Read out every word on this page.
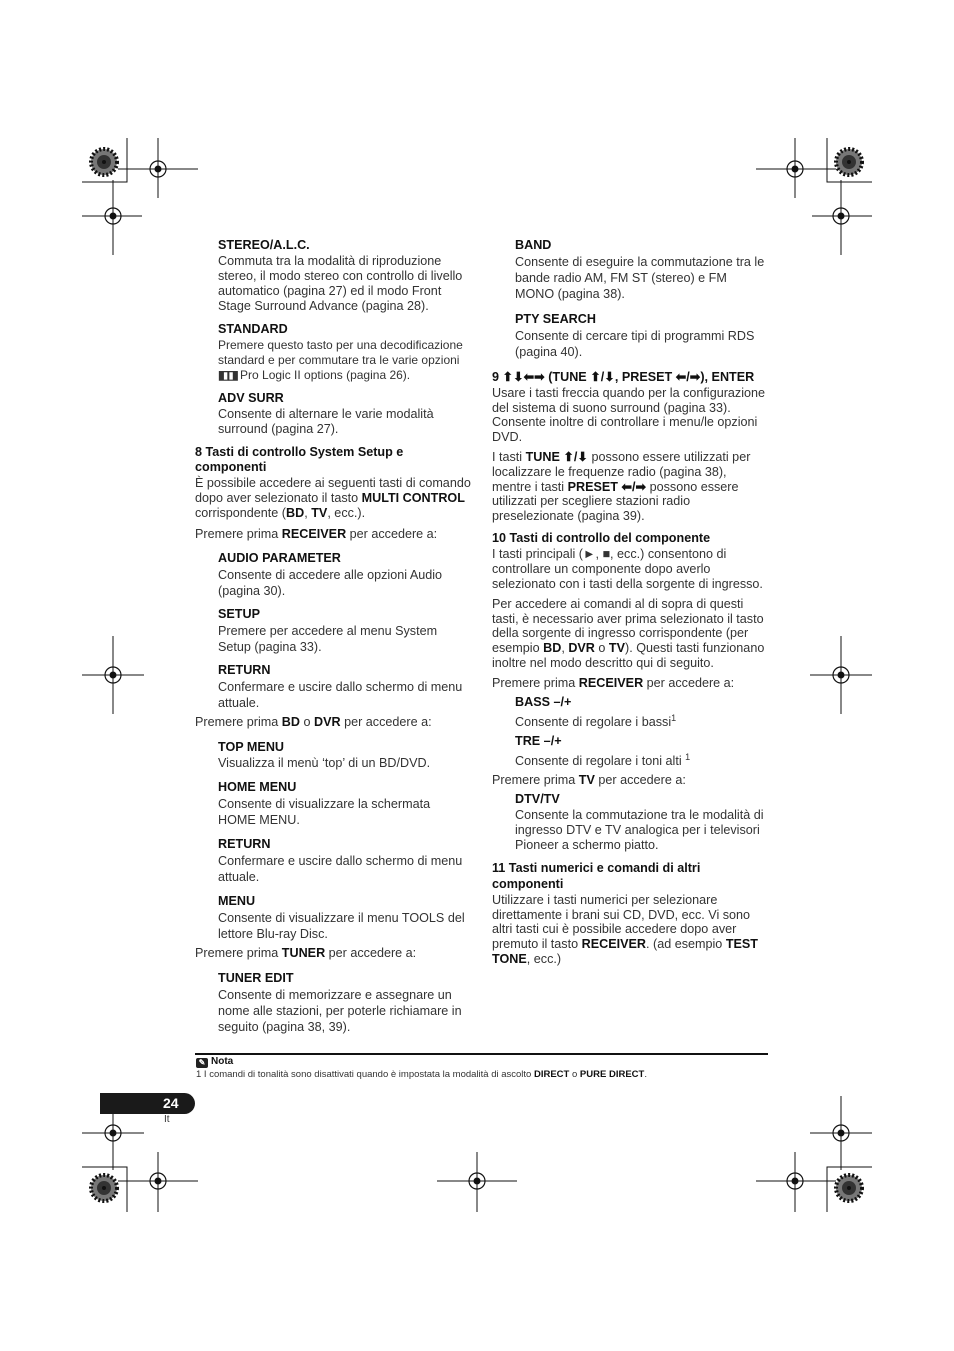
STEREO/A.L.C.

Commuta tra la modalità di riproduzione stereo, il modo stereo con controllo di livello automatico (pagina 27) ed il modo Front Stage Surround Advance (pagina 28).

STANDARD

Premere questo tasto per una decodificazione standard e per commutare tra le varie opzioni
◧◨ Pro Logic II options (pagina 26).

ADV SURR

Consente di alternare le varie modalità surround (pagina 27).

8 Tasti di controllo System Setup e componenti

È possibile accedere ai seguenti tasti di comando dopo aver selezionato il tasto MULTI CONTROL corrispondente (BD, TV, ecc.).

Premere prima RECEIVER per accedere a:

AUDIO PARAMETER

Consente di accedere alle opzioni Audio (pagina 30).

SETUP

Premere per accedere al menu System Setup (pagina 33).

RETURN

Confermare e uscire dallo schermo di menu attuale.

Premere prima BD o DVR per accedere a:

TOP MENU

Visualizza il menù ‘top’ di un BD/DVD.

HOME MENU

Consente di visualizzare la schermata HOME MENU.

RETURN

Confermare e uscire dallo schermo di menu attuale.

MENU

Consente di visualizzare il menu TOOLS del lettore Blu-ray Disc.

Premere prima TUNER per accedere a:

TUNER EDIT

Consente di memorizzare e assegnare un nome alle stazioni, per poterle richiamare in seguito (pagina 38, 39).

BAND

Consente di eseguire la commutazione tra le bande radio AM, FM ST (stereo) e FM MONO (pagina 38).

PTY SEARCH

Consente di cercare tipi di programmi RDS (pagina 40).

9 ⬆⬇⬅➡ (TUNE ⬆/⬇, PRESET ⬅/➡), ENTER

Usare i tasti freccia quando per la configurazione del sistema di suono surround (pagina 33). Consente inoltre di controllare i menu/le opzioni DVD.

I tasti TUNE ⬆/⬇ possono essere utilizzati per localizzare le frequenze radio (pagina 38), mentre i tasti PRESET ⬅/➡ possono essere utilizzati per scegliere stazioni radio preselezionate (pagina 39).

10 Tasti di controllo del componente

I tasti principali (►, ■, ecc.) consentono di controllare un componente dopo averlo selezionato con i tasti della sorgente di ingresso.

Per accedere ai comandi al di sopra di questi tasti, è necessario aver prima selezionato il tasto della sorgente di ingresso corrispondente (per esempio BD, DVR o TV). Questi tasti funzionano inoltre nel modo descritto qui di seguito.

Premere prima RECEIVER per accedere a:

BASS –/+

Consente di regolare i bassi$^1$

TRE –/+

Consente di regolare i toni alti $^1$

Premere prima TV per accedere a:

DTV/TV

Consente la commutazione tra le modalità di ingresso DTV e TV analogica per i televisori Pioneer a schermo piatto.

11 Tasti numerici e comandi di altri componenti

Utilizzare i tasti numerici per selezionare direttamente i brani sui CD, DVD, ecc. Vi sono altri tasti cui è possibile accedere dopo aver premuto il tasto RECEIVER. (ad esempio TEST TONE, ecc.)

✎ Nota
1 I comandi di tonalità sono disattivati quando è impostata la modalità di ascolto DIRECT o PURE DIRECT.
24
It
